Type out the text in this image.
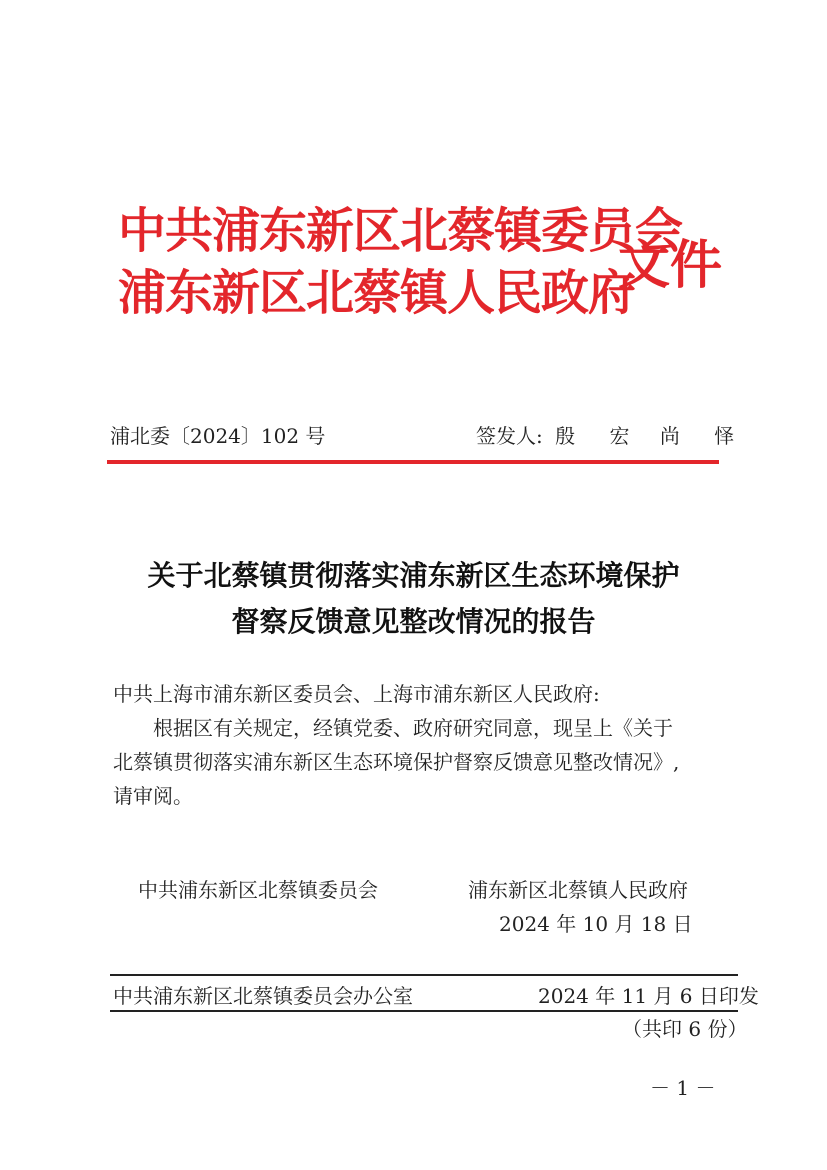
中共浦东新区北蔡镇委员会
浦东新区北蔡镇人民政府
文件
浦北委〔2024〕102 号	签发人: 殷 宏 尚 怿
关于北蔡镇贯彻落实浦东新区生态环境保护
督察反馈意见整改情况的报告
中共上海市浦东新区委员会、上海市浦东新区人民政府:
根据区有关规定，经镇党委、政府研究同意，现呈上《关于
北蔡镇贯彻落实浦东新区生态环境保护督察反馈意见整改情况》,
请审阅。
中共浦东新区北蔡镇委员会	浦东新区北蔡镇人民政府
2024 年 10 月 18 日
中共浦东新区北蔡镇委员会办公室	2024 年 11 月 6 日印发
（共印 6 份）
－ 1 －
